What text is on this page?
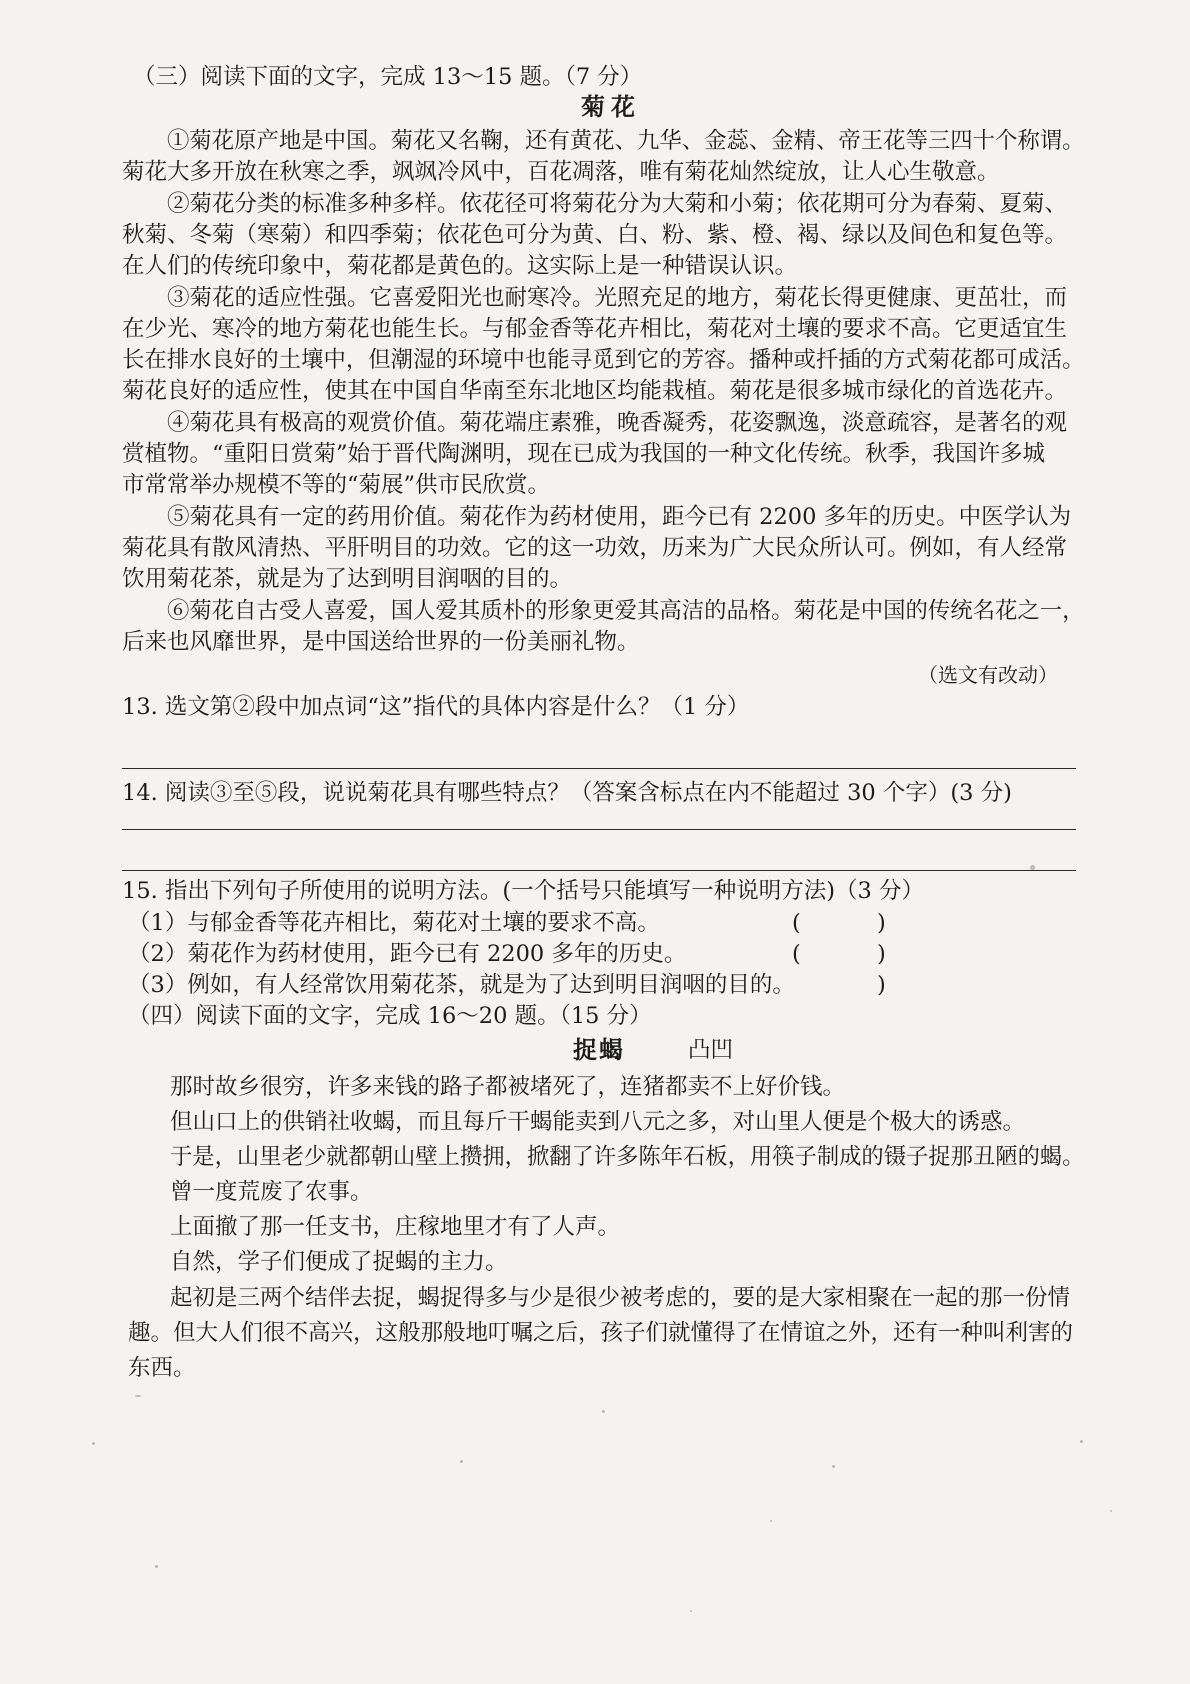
（三）阅读下面的文字，完成 13～15 题。（7 分）
菊花
①菊花原产地是中国。菊花又名鞠，还有黄花、九华、金蕊、金精、帝王花等三四十个称谓。
菊花大多开放在秋寒之季，飒飒冷风中，百花凋落，唯有菊花灿然绽放，让人心生敬意。
②菊花分类的标准多种多样。依花径可将菊花分为大菊和小菊；依花期可分为春菊、夏菊、
秋菊、冬菊（寒菊）和四季菊；依花色可分为黄、白、粉、紫、橙、褐、绿以及间色和复色等。
在人们的传统印象中，菊花都是黄色的。这实际上是一种错误认识。
③菊花的适应性强。它喜爱阳光也耐寒冷。光照充足的地方，菊花长得更健康、更茁壮，而
在少光、寒冷的地方菊花也能生长。与郁金香等花卉相比，菊花对土壤的要求不高。它更适宜生
长在排水良好的土壤中，但潮湿的环境中也能寻觅到它的芳容。播种或扦插的方式菊花都可成活。
菊花良好的适应性，使其在中国自华南至东北地区均能栽植。菊花是很多城市绿化的首选花卉。
④菊花具有极高的观赏价值。菊花端庄素雅，晚香凝秀，花姿飘逸，淡意疏容，是著名的观
赏植物。“重阳日赏菊”始于晋代陶渊明，现在已成为我国的一种文化传统。秋季，我国许多城
市常常举办规模不等的“菊展”供市民欣赏。
⑤菊花具有一定的药用价值。菊花作为药材使用，距今已有 2200 多年的历史。中医学认为
菊花具有散风清热、平肝明目的功效。它的这一功效，历来为广大民众所认可。例如，有人经常
饮用菊花茶，就是为了达到明目润咽的目的。
⑥菊花自古受人喜爱，国人爱其质朴的形象更爱其高洁的品格。菊花是中国的传统名花之一，
后来也风靡世界，是中国送给世界的一份美丽礼物。
（选文有改动）
13. 选文第②段中加点词“这”指代的具体内容是什么？（1 分）
14. 阅读③至⑤段，说说菊花具有哪些特点？（答案含标点在内不能超过 30 个字）(3 分)
15. 指出下列句子所使用的说明方法。(一个括号只能填写一种说明方法)（3 分）
（1）与郁金香等花卉相比，菊花对土壤的要求不高。	(	)
（2）菊花作为药材使用，距今已有 2200 多年的历史。	(	)
（3）例如，有人经常饮用菊花茶，就是为了达到明目润咽的目的。	)
（四）阅读下面的文字，完成 16～20 题。（15 分）
捉蝎	凸凹
那时故乡很穷，许多来钱的路子都被堵死了，连猪都卖不上好价钱。
但山口上的供销社收蝎，而且每斤干蝎能卖到八元之多，对山里人便是个极大的诱惑。
于是，山里老少就都朝山壁上攒拥，掀翻了许多陈年石板，用筷子制成的镊子捉那丑陋的蝎。
曾一度荒废了农事。
上面撤了那一任支书，庄稼地里才有了人声。
自然，学子们便成了捉蝎的主力。
起初是三两个结伴去捉，蝎捉得多与少是很少被考虑的，要的是大家相聚在一起的那一份情
趣。但大人们很不高兴，这般那般地叮嘱之后，孩子们就懂得了在情谊之外，还有一种叫利害的
东西。
